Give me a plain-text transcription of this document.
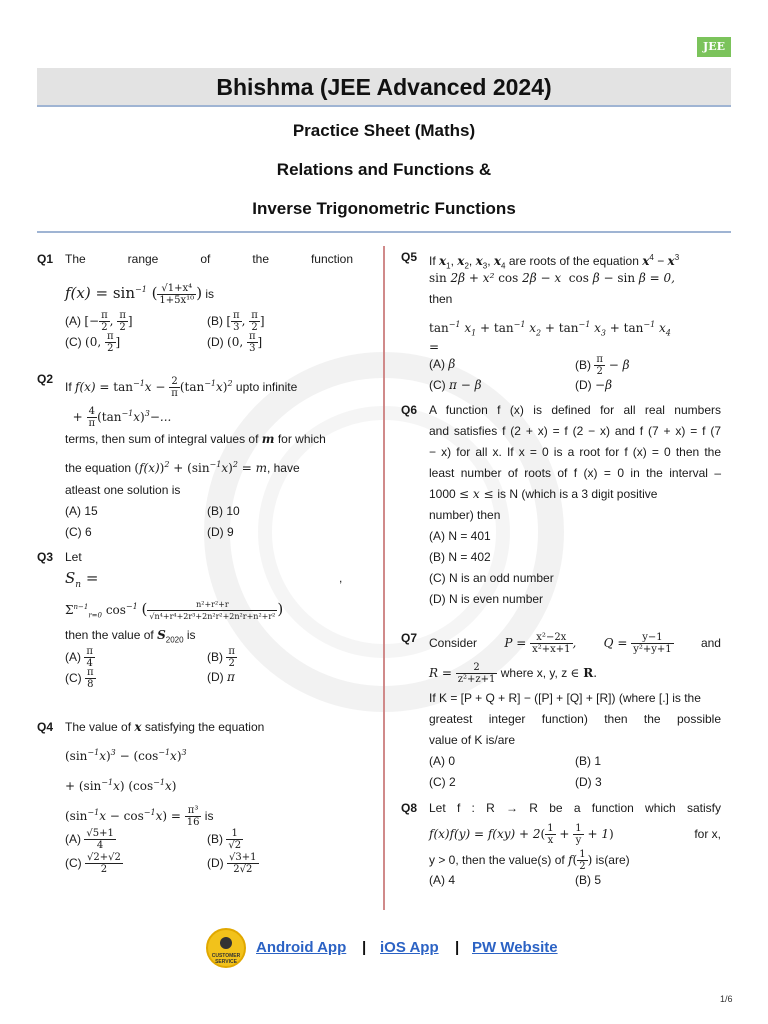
JEE
Bhishma (JEE Advanced 2024)
Practice Sheet (Maths)
Relations and Functions &
Inverse Trigonometric Functions
Q1 The	range	of	the	function
$f(x) = \sin^{-1}$ ( $\frac{\text{√1+x⁴}}{\text{1+5x¹⁰}}$ ) is
(A) [− $\frac{\pi}{2}$ , $\frac{\pi}{2}$ ]	(B) [ $\frac{\pi}{3}$ , $\frac{\pi}{2}$ ]
(C) (0, $\frac{\pi}{2}$ ]	(D) (0, $\frac{\pi}{3}$ ]
Q2
If $f(x) = \tan^{-1}x - \frac{2}{\pi} (\tan^{-1}x)^2$ upto infinite
+ $\frac{4}{\pi} (\tan^{-1}x)^3-$...
terms, then sum of integral values of m for which
the equation $(f(x))^2 + (\sin^{-1}x)^2 = m$, have
atleast one solution is
(A) 15	(B) 10
(C) 6	(D) 9
Q3 Let
$S_n$ =	,
$\Sigma^{n-1}_{r=0}$ $\cos^{-1}$ ( $\frac{\text{n²+r²+r}}{\text{√n⁴+r⁴+2r³+2n²r²+2n²r+n²+r²}}$ )
then the value of $S_{2020}$ is
$(A) \frac{\pi}{4}$	$(B) \frac{\pi}{2}$
$(C) \frac{\pi}{8}$	(D) π
Q4 The value of x satisfying the equation
$(\sin^{-1}x)^3 - (\cos^{-1}x)^3$
+ $(\sin^{-1}x)$ $(\cos^{-1}x)$
$(\sin^{-1}x - \cos^{-1}x) = \frac{\text{π³}}{16}$ is
$(A) \frac{√5+1}{4}$	$(B) \frac{1}{√2}$
$(C) \frac{√2+√2}{2}$	$(D) \frac{√3+1}{2√2}$
Q5 If $x_1$, $x_2$, $x_3$, $x_4$ are roots of the equation $x^4 - x^3$
sin 2β + x² cos 2β − x  cos β − sin β = 0,
then
$\tan^{-1} x_1 + \tan^{-1} x_2 + \tan^{-1} x_3 + \tan^{-1} x_4$
=
(A) β	$(B) \frac{\pi}{2} - \beta$
(C) π − β	(D) −β
Q6 A function f (x) is defined for all real numbers
and satisfies f (2 + x) = f (2 − x) and f (7 + x) = f (7
− x) for all x. If x = 0 is a root for f (x) = 0 then the
least number of roots of f (x) = 0 in the interval –
1000 ≤ x ≤ is N (which is a 3 digit positive
number) then
(A) N = 401
(B) N = 402
(C) N is an odd number
(D) N is even number
Q7 Consider $P = \frac{\text{x²−2x}}{\text{x²+x+1}}$ , $Q = \frac{y-1}{\text{y²+y+1}}$ and
$R = \frac{2}{\text{z²+z+1}}$ where x, y, z ∈ R.
If K = [P + Q + R] − ([P] + [Q] + [R]) (where [.] is the
greatest integer function) then the possible
value of K is/are
(A) 0	(B) 1
(C) 2	(D) 3
Q8 Let f : R → R be a function which satisfy
$f(x)f(y) = f(xy) + 2( \frac{1}{x} + \frac{1}{y} + 1)$	for x,
y > 0, then the value(s) of $f( \frac{1}{2}$ ) is(are)
(A) 4	(B) 5
CUSTOMER SERVICE
Android App | iOS App | PW Website
1/6
